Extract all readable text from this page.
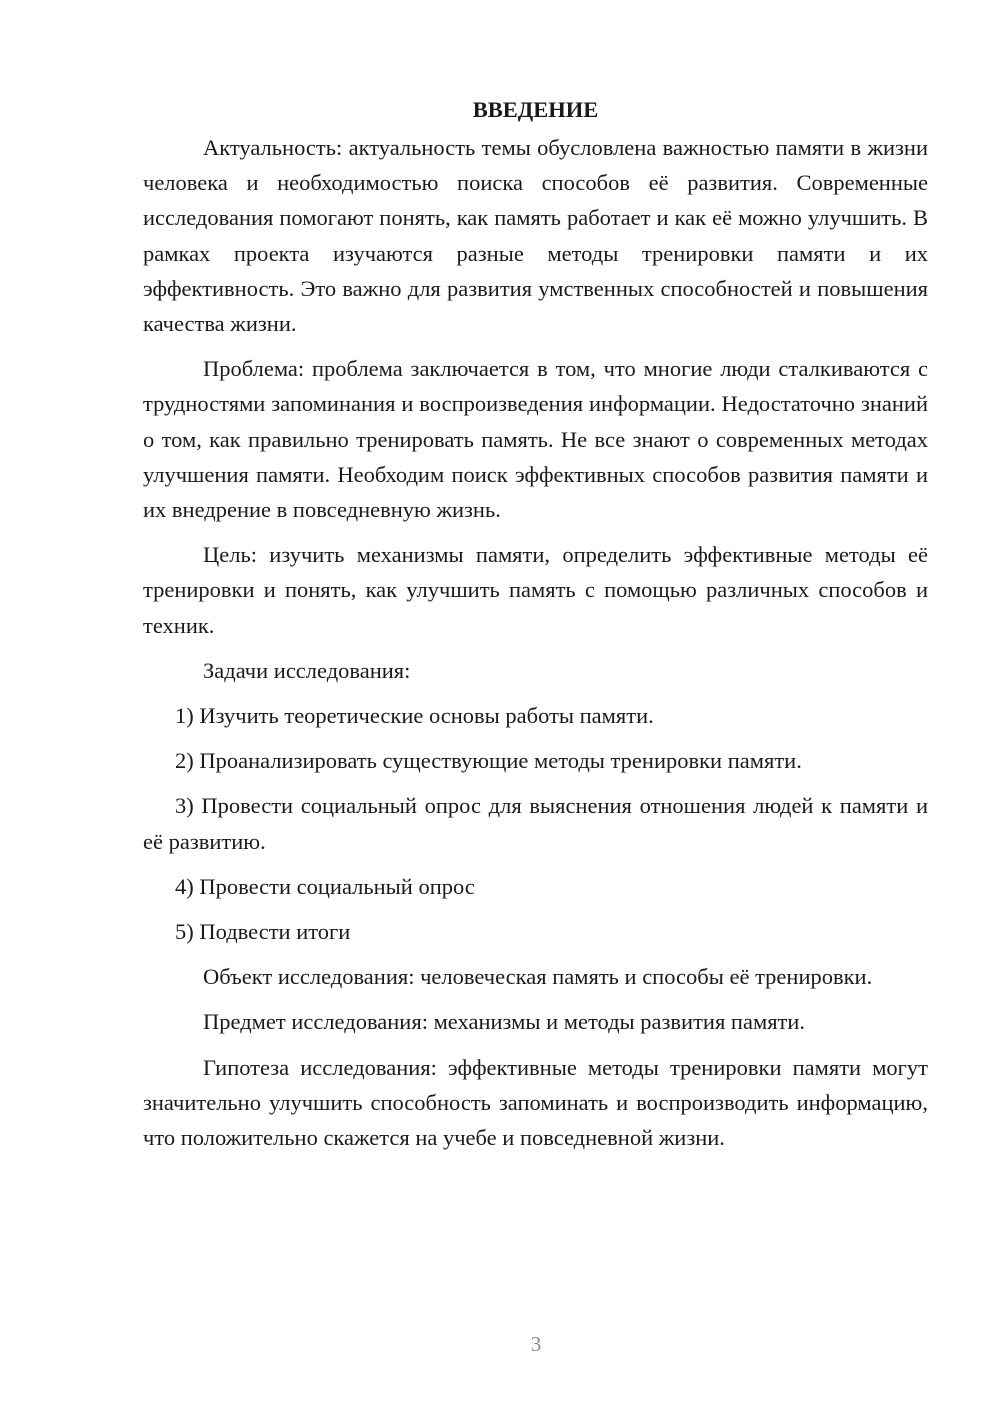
ВВЕДЕНИЕ

Актуальность: актуальность темы обусловлена важностью памяти в жизни человека и необходимостью поиска способов её развития. Современные исследования помогают понять, как память работает и как её можно улучшить. В рамках проекта изучаются разные методы тренировки памяти и их эффективность. Это важно для развития умственных способностей и повышения качества жизни.

Проблема: проблема заключается в том, что многие люди сталкиваются с трудностями запоминания и воспроизведения информации. Недостаточно знаний о том, как правильно тренировать память. Не все знают о современных методах улучшения памяти. Необходим поиск эффективных способов развития памяти и их внедрение в повседневную жизнь.

Цель: изучить механизмы памяти, определить эффективные методы её тренировки и понять, как улучшить память с помощью различных способов и техник.

Задачи исследования:

1) Изучить теоретические основы работы памяти.

2) Проанализировать существующие методы тренировки памяти.

3) Провести социальный опрос для выяснения отношения людей к памяти и её развитию.

4) Провести социальный опрос

5) Подвести итоги

Объект исследования: человеческая память и способы её тренировки.

Предмет исследования: механизмы и методы развития памяти.

Гипотеза исследования: эффективные методы тренировки памяти могут значительно улучшить способность запоминать и воспроизводить информацию, что положительно скажется на учебе и повседневной жизни.

3
